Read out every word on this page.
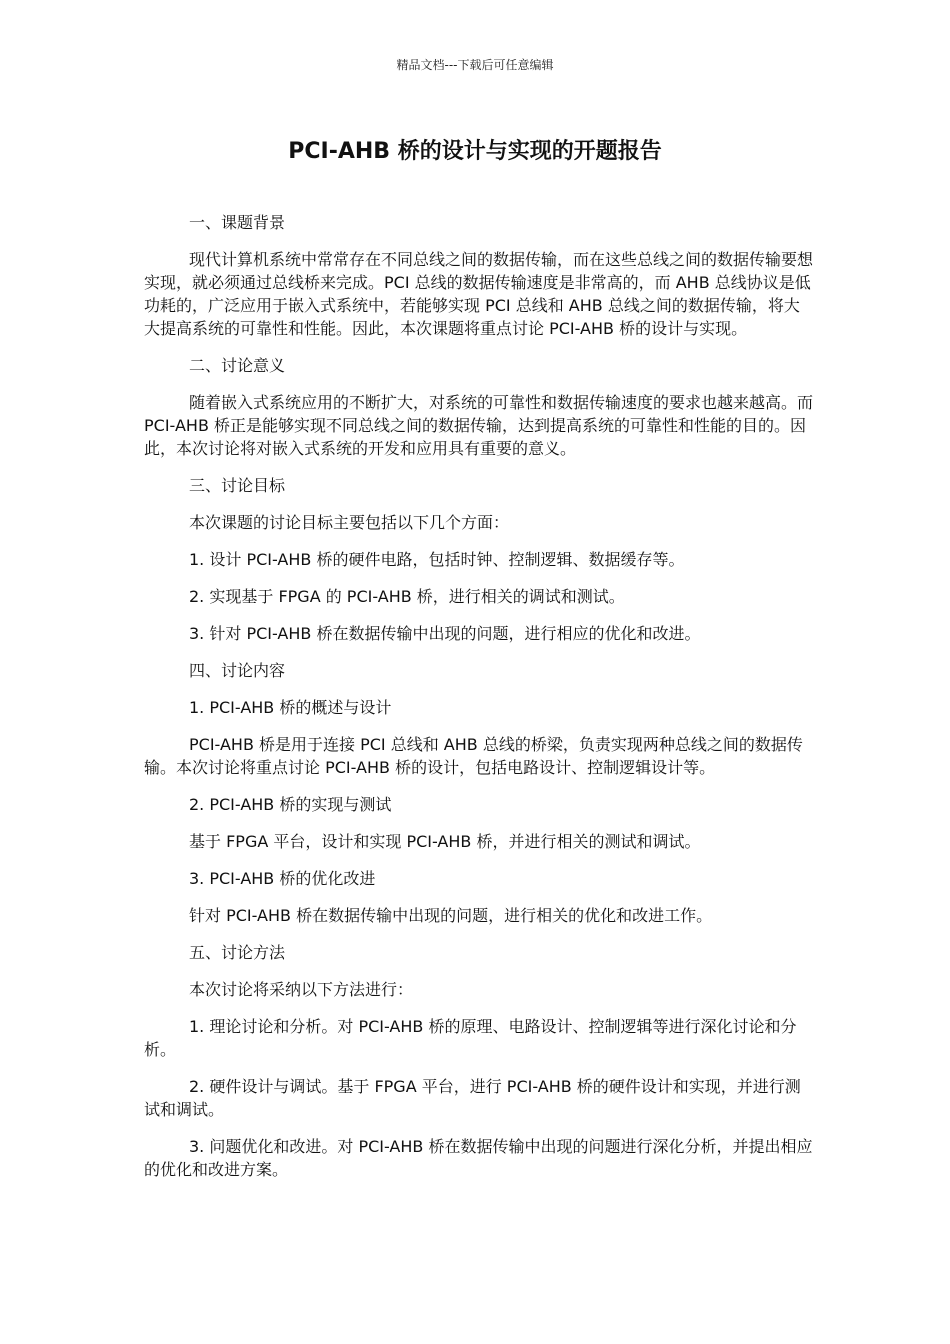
精品文档---下载后可任意编辑
PCI-AHB 桥的设计与实现的开题报告

一、课题背景

现代计算机系统中常常存在不同总线之间的数据传输，而在这些总线之间的数据传输要想实现，就必须通过总线桥来完成。PCI 总线的数据传输速度是非常高的，而 AHB 总线协议是低功耗的，广泛应用于嵌入式系统中，若能够实现 PCI 总线和 AHB 总线之间的数据传输，将大大提高系统的可靠性和性能。因此，本次课题将重点讨论 PCI-AHB 桥的设计与实现。

二、讨论意义

随着嵌入式系统应用的不断扩大，对系统的可靠性和数据传输速度的要求也越来越高。而 PCI-AHB 桥正是能够实现不同总线之间的数据传输，达到提高系统的可靠性和性能的目的。因此，本次讨论将对嵌入式系统的开发和应用具有重要的意义。

三、讨论目标

本次课题的讨论目标主要包括以下几个方面：

1. 设计 PCI-AHB 桥的硬件电路，包括时钟、控制逻辑、数据缓存等。

2. 实现基于 FPGA 的 PCI-AHB 桥，进行相关的调试和测试。

3. 针对 PCI-AHB 桥在数据传输中出现的问题，进行相应的优化和改进。

四、讨论内容

1. PCI-AHB 桥的概述与设计

PCI-AHB 桥是用于连接 PCI 总线和 AHB 总线的桥梁，负责实现两种总线之间的数据传输。本次讨论将重点讨论 PCI-AHB 桥的设计，包括电路设计、控制逻辑设计等。

2. PCI-AHB 桥的实现与测试

基于 FPGA 平台，设计和实现 PCI-AHB 桥，并进行相关的测试和调试。

3. PCI-AHB 桥的优化改进

针对 PCI-AHB 桥在数据传输中出现的问题，进行相关的优化和改进工作。

五、讨论方法

本次讨论将采纳以下方法进行：

1. 理论讨论和分析。对 PCI-AHB 桥的原理、电路设计、控制逻辑等进行深化讨论和分析。

2. 硬件设计与调试。基于 FPGA 平台，进行 PCI-AHB 桥的硬件设计和实现，并进行测试和调试。

3. 问题优化和改进。对 PCI-AHB 桥在数据传输中出现的问题进行深化分析，并提出相应的优化和改进方案。
